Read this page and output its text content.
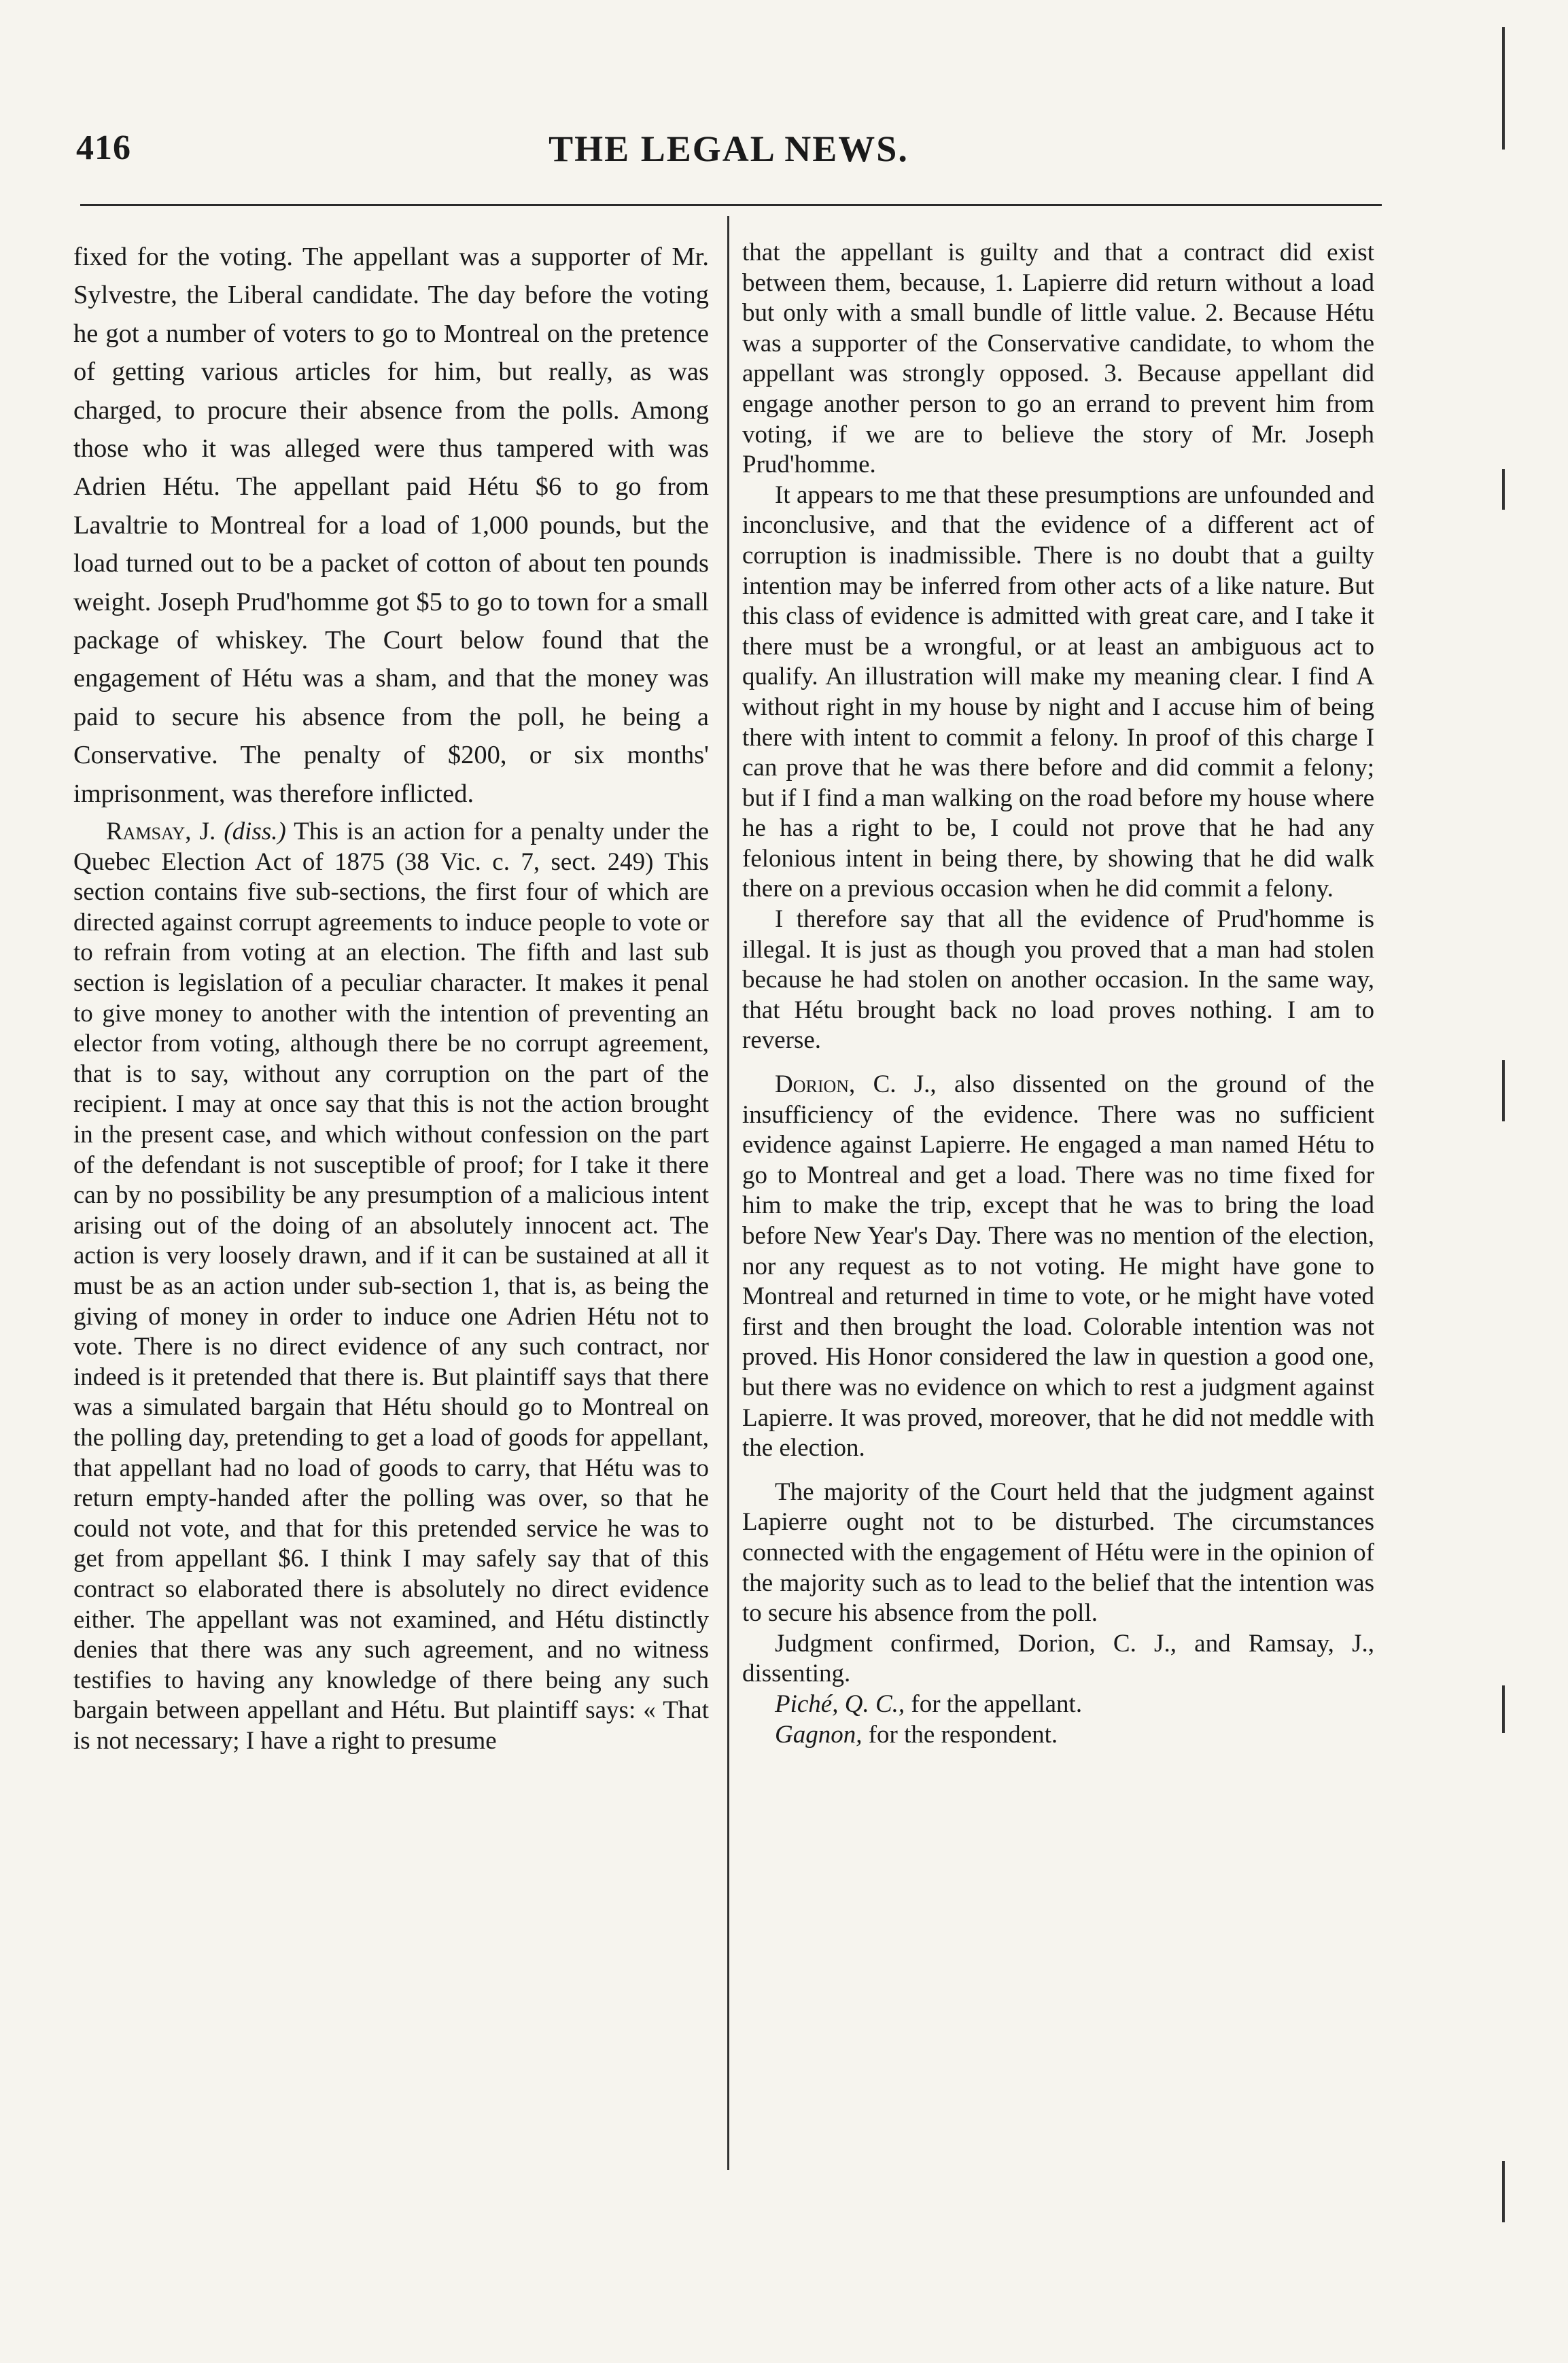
416	THE LEGAL NEWS.

fixed for the voting. The appellant was a supporter of Mr. Sylvestre, the Liberal candidate. The day before the voting he got a number of voters to go to Montreal on the pretence of getting various articles for him, but really, as was charged, to procure their absence from the polls. Among those who it was alleged were thus tampered with was Adrien Hétu. The appellant paid Hétu $6 to go from Lavaltrie to Montreal for a load of 1,000 pounds, but the load turned out to be a packet of cotton of about ten pounds weight. Joseph Prud'homme got $5 to go to town for a small package of whiskey. The Court below found that the engagement of Hétu was a sham, and that the money was paid to secure his absence from the poll, he being a Conservative. The penalty of $200, or six months' imprisonment, was therefore inflicted.

Ramsay, J. (diss.) This is an action for a penalty under the Quebec Election Act of 1875 (38 Vic. c. 7, sect. 249) This section contains five sub-sections, the first four of which are directed against corrupt agreements to induce people to vote or to refrain from voting at an election. The fifth and last sub section is legislation of a peculiar character. It makes it penal to give money to another with the intention of preventing an elector from voting, although there be no corrupt agreement, that is to say, without any corruption on the part of the recipient. I may at once say that this is not the action brought in the present case, and which without confession on the part of the defendant is not susceptible of proof; for I take it there can by no possibility be any presumption of a malicious intent arising out of the doing of an absolutely innocent act. The action is very loosely drawn, and if it can be sustained at all it must be as an action under sub-section 1, that is, as being the giving of money in order to induce one Adrien Hétu not to vote. There is no direct evidence of any such contract, nor indeed is it pretended that there is. But plaintiff says that there was a simulated bargain that Hétu should go to Montreal on the polling day, pretending to get a load of goods for appellant, that appellant had no load of goods to carry, that Hétu was to return empty-handed after the polling was over, so that he could not vote, and that for this pretended service he was to get from appellant $6. I think I may safely say that of this contract so elaborated there is absolutely no direct evidence either. The appellant was not examined, and Hétu distinctly denies that there was any such agreement, and no witness testifies to having any knowledge of there being any such bargain between appellant and Hétu. But plaintiff says: « That is not necessary; I have a right to presume

that the appellant is guilty and that a contract did exist between them, because, 1. Lapierre did return without a load but only with a small bundle of little value. 2. Because Hétu was a supporter of the Conservative candidate, to whom the appellant was strongly opposed. 3. Because appellant did engage another person to go an errand to prevent him from voting, if we are to believe the story of Mr. Joseph Prud'homme.

It appears to me that these presumptions are unfounded and inconclusive, and that the evidence of a different act of corruption is inadmissible. There is no doubt that a guilty intention may be inferred from other acts of a like nature. But this class of evidence is admitted with great care, and I take it there must be a wrongful, or at least an ambiguous act to qualify. An illustration will make my meaning clear. I find A without right in my house by night and I accuse him of being there with intent to commit a felony. In proof of this charge I can prove that he was there before and did commit a felony; but if I find a man walking on the road before my house where he has a right to be, I could not prove that he had any felonious intent in being there, by showing that he did walk there on a previous occasion when he did commit a felony.

I therefore say that all the evidence of Prud'homme is illegal. It is just as though you proved that a man had stolen because he had stolen on another occasion. In the same way, that Hétu brought back no load proves nothing. I am to reverse.

Dorion, C. J., also dissented on the ground of the insufficiency of the evidence. There was no sufficient evidence against Lapierre. He engaged a man named Hétu to go to Montreal and get a load. There was no time fixed for him to make the trip, except that he was to bring the load before New Year's Day. There was no mention of the election, nor any request as to not voting. He might have gone to Montreal and returned in time to vote, or he might have voted first and then brought the load. Colorable intention was not proved. His Honor considered the law in question a good one, but there was no evidence on which to rest a judgment against Lapierre. It was proved, moreover, that he did not meddle with the election.

The majority of the Court held that the judgment against Lapierre ought not to be disturbed. The circumstances connected with the engagement of Hétu were in the opinion of the majority such as to lead to the belief that the intention was to secure his absence from the poll.

Judgment confirmed, Dorion, C. J., and Ramsay, J., dissenting.

Piché, Q. C., for the appellant.

Gagnon, for the respondent.
